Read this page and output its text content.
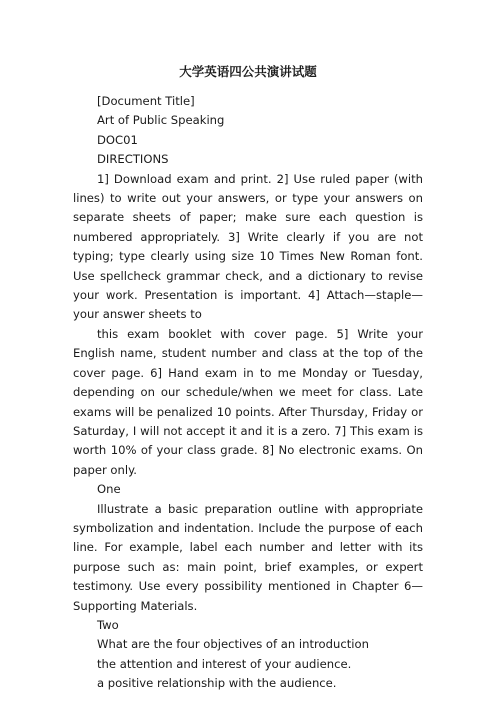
大学英语四公共演讲试题

[Document Title]

Art of Public Speaking

DOC01

DIRECTIONS

1] Download exam and print. 2] Use ruled paper (with lines) to write out your answers, or type your answers on separate sheets of paper; make sure each question is numbered appropriately. 3] Write clearly if you are not typing; type clearly using size 10 Times New Roman font. Use spellcheck grammar check, and a dictionary to revise your work. Presentation is important. 4] Attach—staple— your answer sheets to

this exam booklet with cover page. 5] Write your English name, student number and class at the top of the cover page. 6] Hand exam in to me Monday or Tuesday, depending on our schedule/when we meet for class. Late exams will be penalized 10 points. After Thursday, Friday or Saturday, I will not accept it and it is a zero. 7] This exam is worth 10% of your class grade. 8] No electronic exams. On paper only.

One

Illustrate a basic preparation outline with appropriate symbolization and indentation. Include the purpose of each line. For example, label each number and letter with its purpose such as: main point, brief examples, or expert testimony. Use every possibility mentioned in Chapter 6— Supporting Materials.

Two

What are the four objectives of an introduction

the attention and interest of your audience.

a positive relationship with the audience.
